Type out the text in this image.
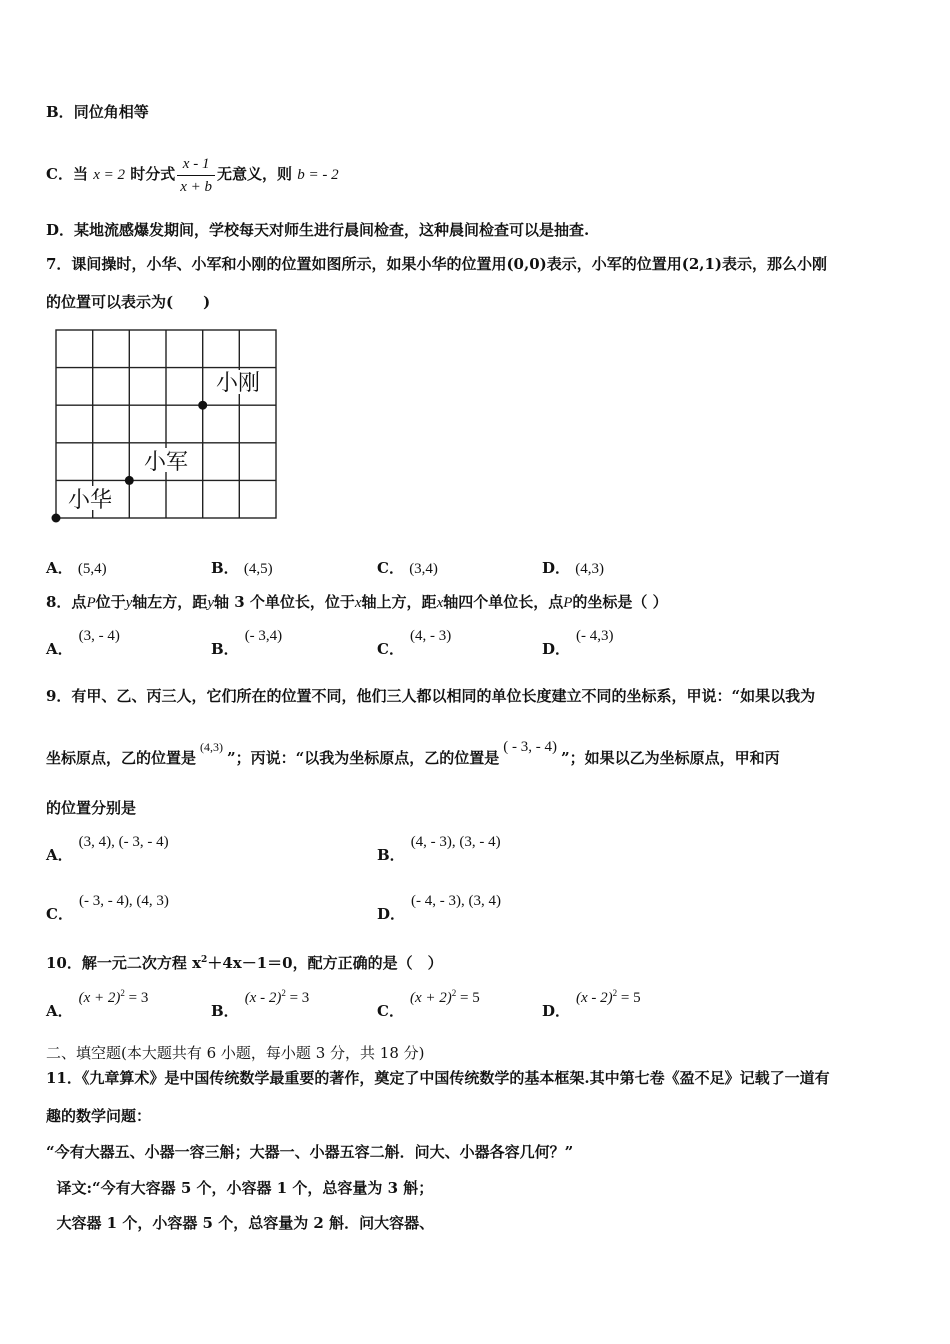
B．同位角相等
C．当 x = 2 时分式 $\frac{x - 1}{x + b}$ 无意义，则 b = - 2
D．某地流感爆发期间，学校每天对师生进行晨间检查，这种晨间检查可以是抽查.
7．课间操时，小华、小军和小刚的位置如图所示，如果小华的位置用(0,0)表示，小军的位置用(2,1)表示，那么小刚
的位置可以表示为(　　)
小华
小军
小刚
A． (5,4)	B． (4,5)	C． (3,4)	D． (4,3)
8．点P位于y轴左方，距y轴 3 个单位长，位于x轴上方，距x轴四个单位长，点P的坐标是（ ）
A．(3, - 4)
B．(- 3,4)
C．(4, - 3)
D．(- 4,3)
9．有甲、乙、丙三人，它们所在的位置不同，他们三人都以相同的单位长度建立不同的坐标系，甲说：“如果以我为
坐标原点，乙的位置是$^{(4,3)}$”；丙说：“以我为坐标原点，乙的位置是( - 3, - 4)”；如果以乙为坐标原点，甲和丙
的位置分别是
A．(3, 4), (- 3, - 4)
B．(4, - 3), (3, - 4)
C．(- 3, - 4), (4, 3)
D．(- 4, - 3), (3, 4)
10．解一元二次方程 $x^2+4x-1=0$，配方正确的是（　）
A．$(x + 2)^2 = 3$
B．(x - 2)$^2$ = 3
C．$(x + 2)^2 = 5$
D．(x - 2)$^2$ = 5
二、填空题(本大题共有 6 小题，每小题 3 分，共 18 分)
11．《九章算术》是中国传统数学最重要的著作，奠定了中国传统数学的基本框架.其中第七卷《盈不足》记载了一道有
趣的数学问题：
“今有大器五、小器一容三斛；大器一、小器五容二斛．问大、小器各容几何？”
译文:“今有大容器 5 个，小容器 1 个，总容量为 3 斛；
大容器 1 个，小容器 5 个，总容量为 2 斛．问大容器、
